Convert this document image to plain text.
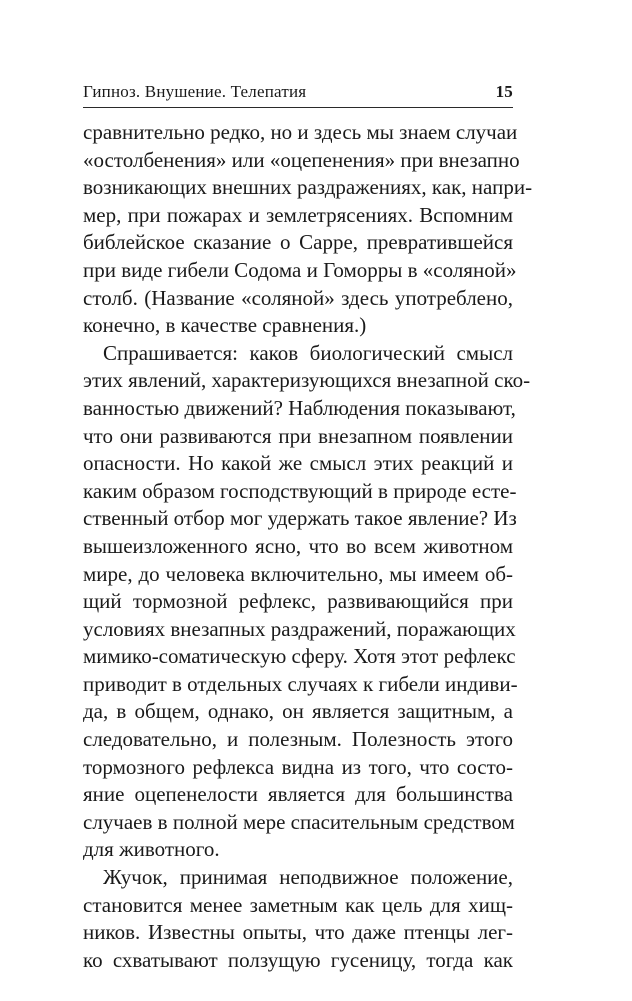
Гипноз. Внушение. Телепатия	15
сравнительно редко, но и здесь мы знаем случаи
«остолбенения» или «оцепенения» при внезапно
возникающих внешних раздражениях, как, напри-
мер, при пожарах и землетрясениях. Вспомним
библейское сказание о Сарре, превратившейся
при виде гибели Содома и Гоморры в «соляной»
столб. (Название «соляной» здесь употреблено,
конечно, в качестве сравнения.)
Спрашивается: каков биологический смысл
этих явлений, характеризующихся внезапной ско-
ванностью движений? Наблюдения показывают,
что они развиваются при внезапном появлении
опасности. Но какой же смысл этих реакций и
каким образом господствующий в природе есте-
ственный отбор мог удержать такое явление? Из
вышеизложенного ясно, что во всем животном
мире, до человека включительно, мы имеем об-
щий тормозной рефлекс, развивающийся при
условиях внезапных раздражений, поражающих
мимико-соматическую сферу. Хотя этот рефлекс
приводит в отдельных случаях к гибели индиви-
да, в общем, однако, он является защитным, а
следовательно, и полезным. Полезность этого
тормозного рефлекса видна из того, что состо-
яние оцепенелости является для большинства
случаев в полной мере спасительным средством
для животного.
Жучок, принимая неподвижное положение,
становится менее заметным как цель для хищ-
ников. Известны опыты, что даже птенцы лег-
ко схватывают ползущую гусеницу, тогда как
